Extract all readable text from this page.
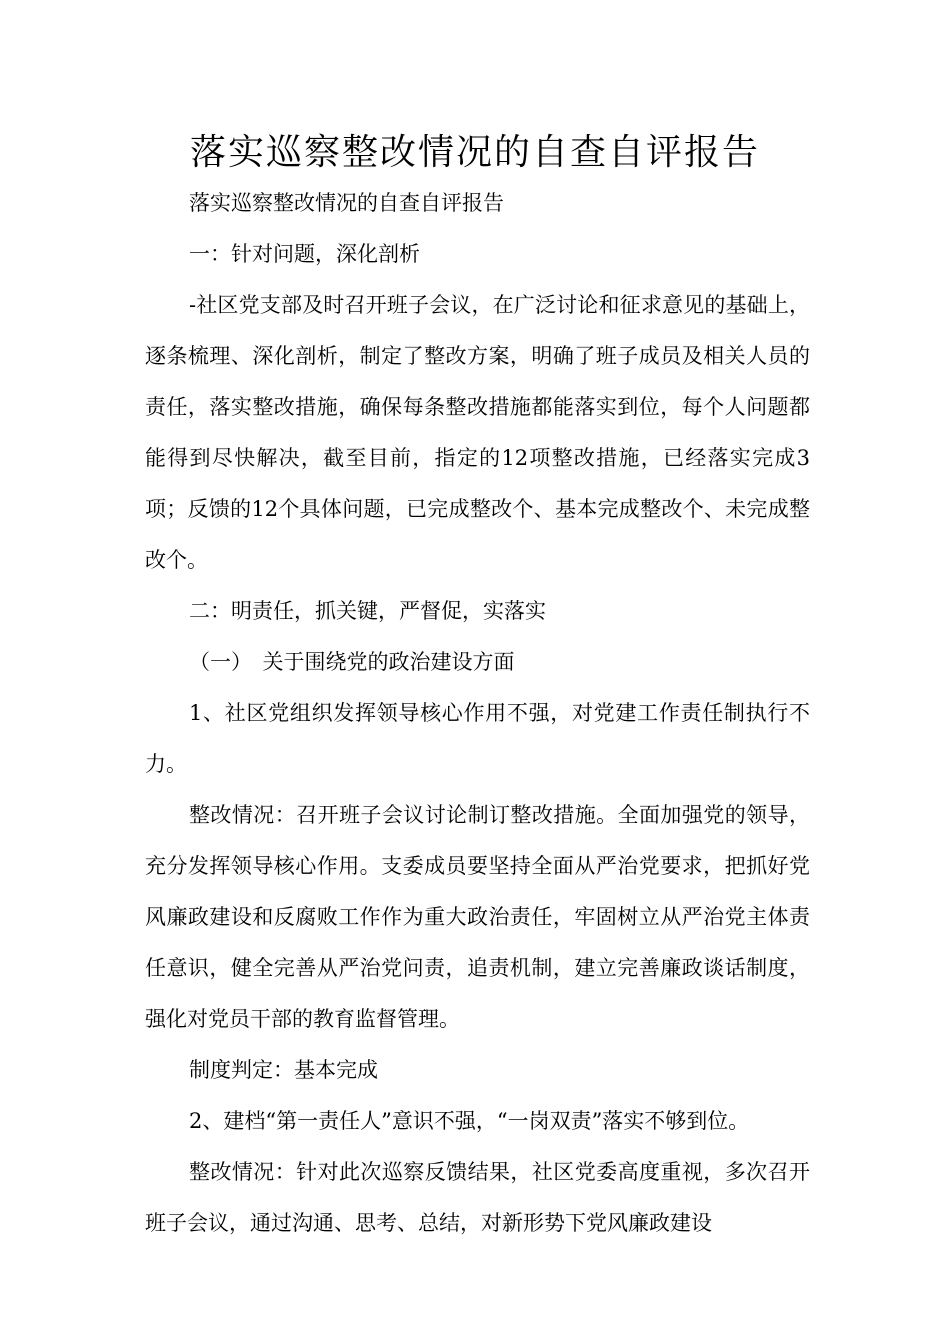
落实巡察整改情况的自查自评报告

落实巡察整改情况的自查自评报告

一：针对问题，深化剖析

-社区党支部及时召开班子会议，在广泛讨论和征求意见的基础上，逐条梳理、深化剖析，制定了整改方案，明确了班子成员及相关人员的责任，落实整改措施，确保每条整改措施都能落实到位，每个人问题都能得到尽快解决，截至目前，指定的12项整改措施，已经落实完成3项；反馈的12个具体问题，已完成整改个、基本完成整改个、未完成整改个。

二：明责任，抓关键，严督促，实落实

（一）　关于围绕党的政治建设方面

1、社区党组织发挥领导核心作用不强，对党建工作责任制执行不力。

整改情况：召开班子会议讨论制订整改措施。全面加强党的领导，充分发挥领导核心作用。支委成员要坚持全面从严治党要求，把抓好党风廉政建设和反腐败工作作为重大政治责任，牢固树立从严治党主体责任意识，健全完善从严治党问责，追责机制，建立完善廉政谈话制度，强化对党员干部的教育监督管理。

制度判定：基本完成

2、建档“第一责任人”意识不强，“一岗双责”落实不够到位。

整改情况：针对此次巡察反馈结果，社区党委高度重视，多次召开班子会议，通过沟通、思考、总结，对新形势下党风廉政建设
